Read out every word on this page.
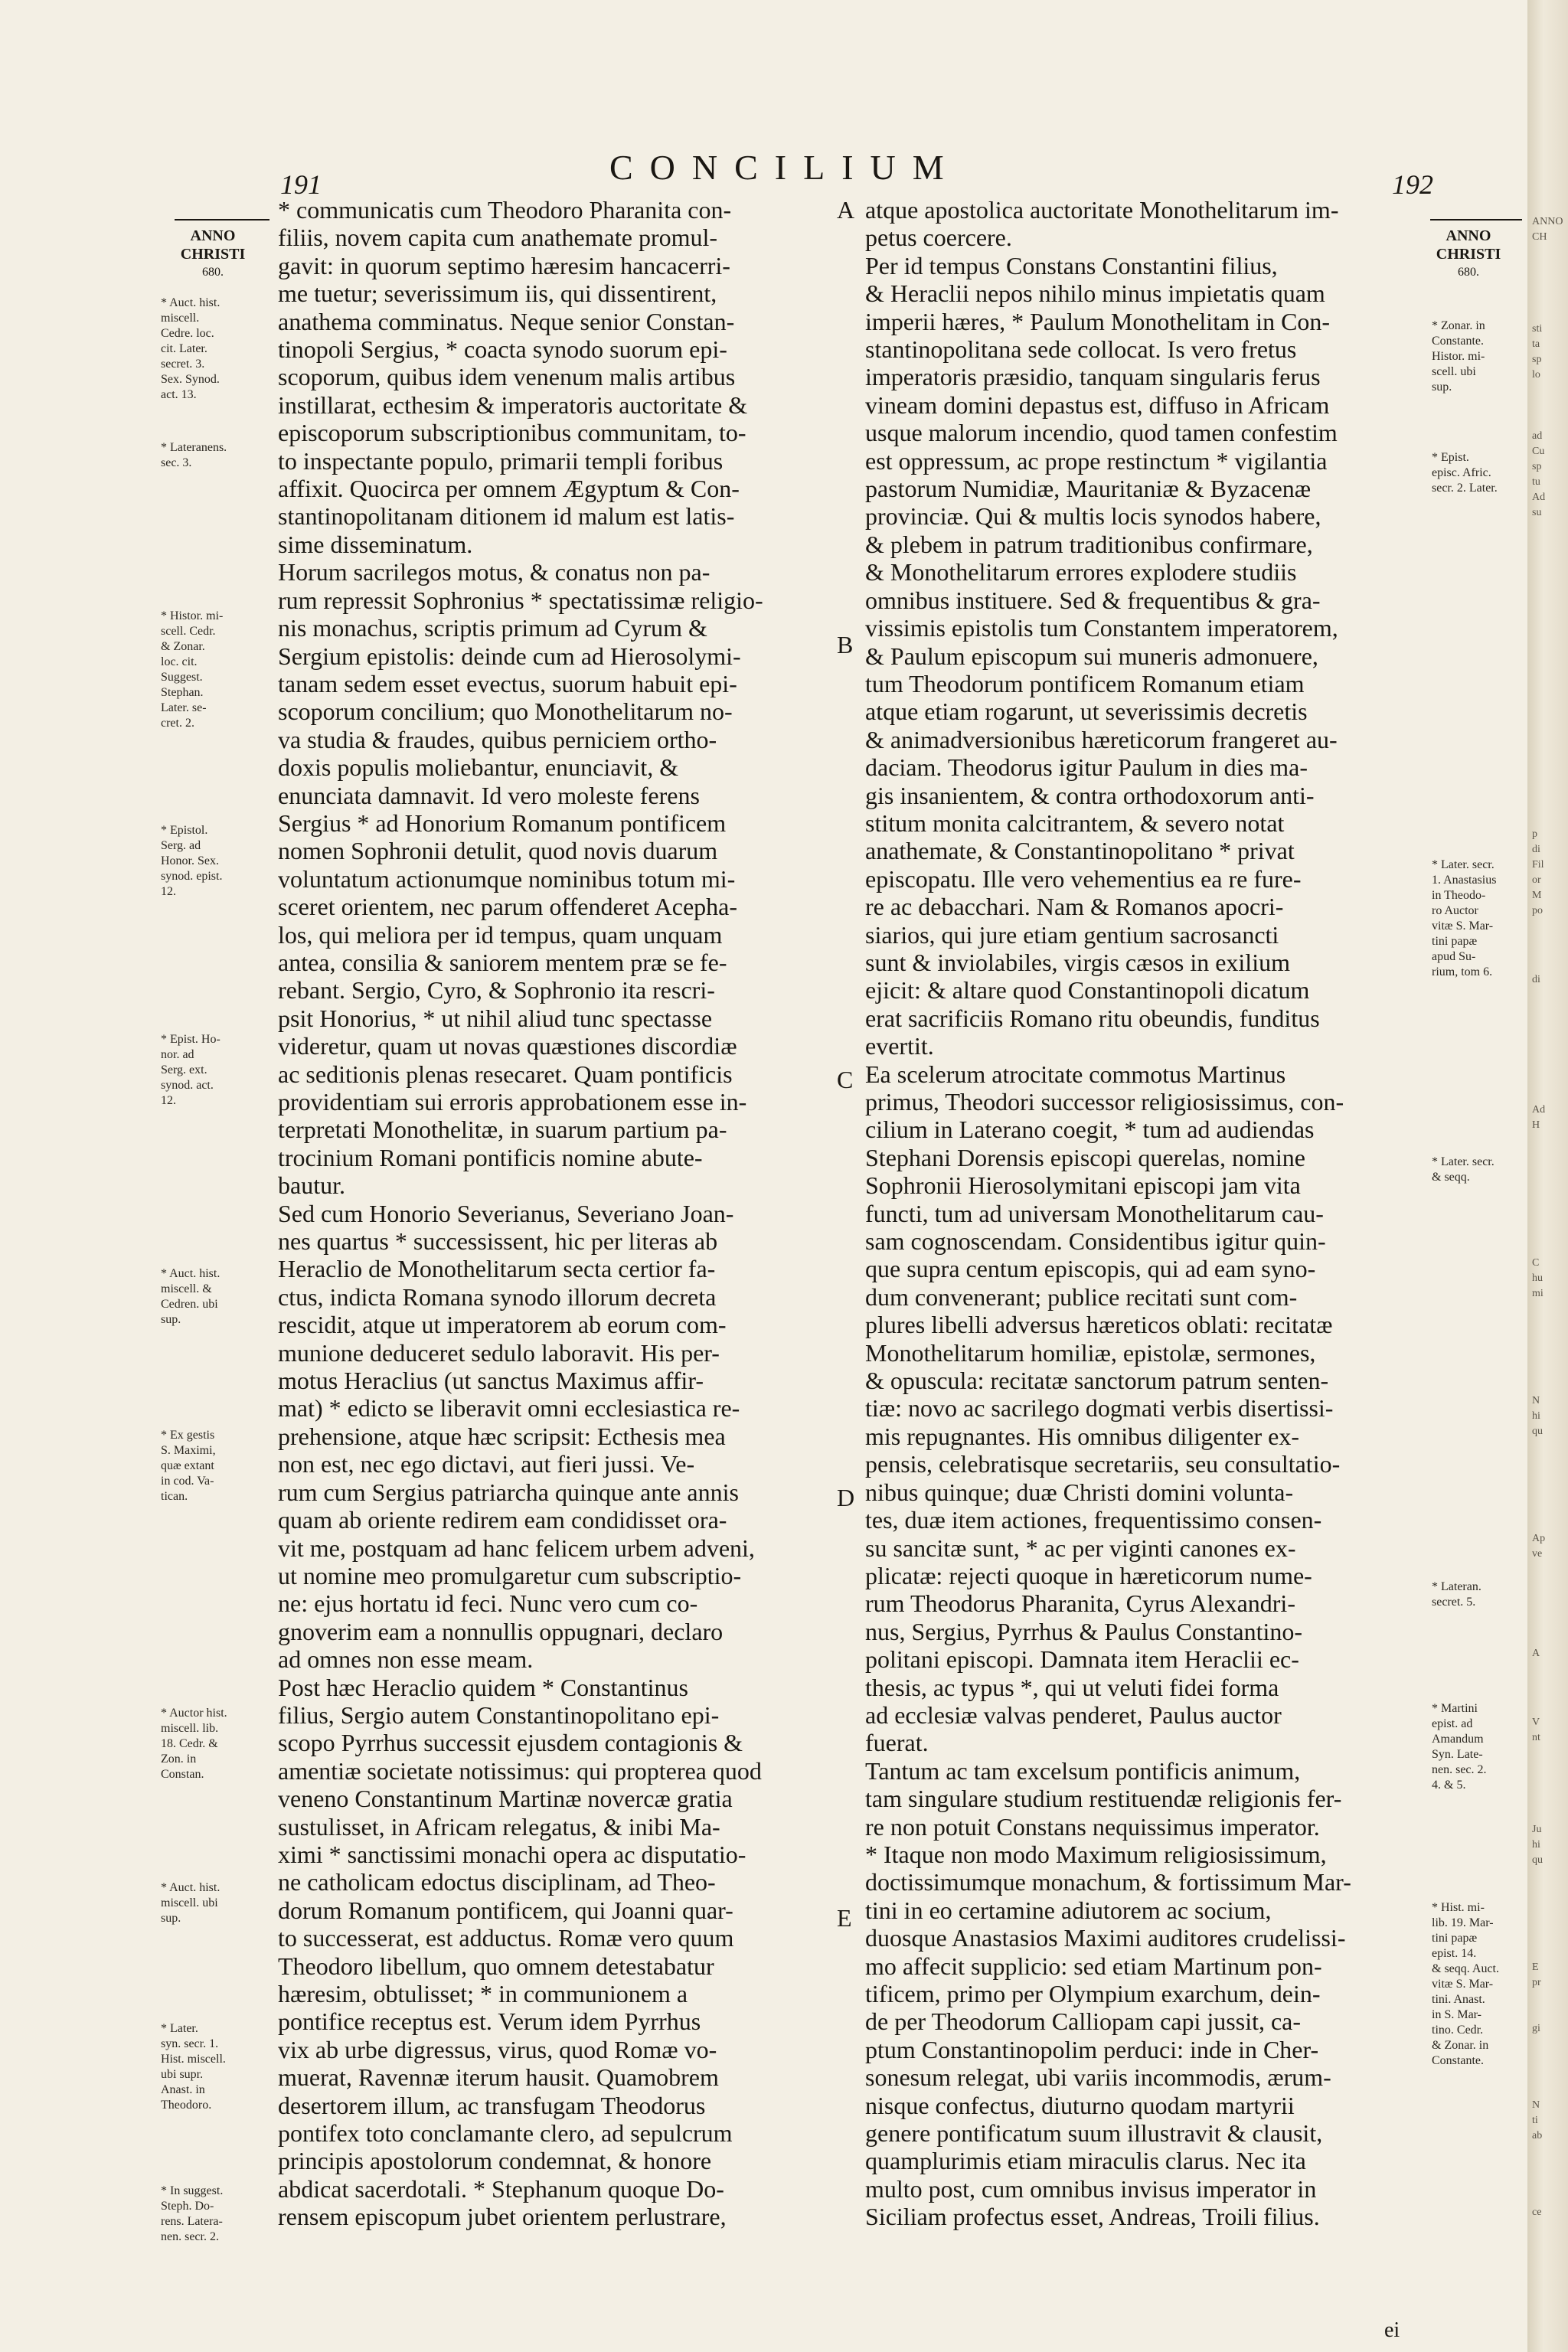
191	CONCILIUM	192
ANNO
CHRISTI
680.
ANNO
CHRISTI
680.
* communicatis cum Theodoro Pharanita con-
filiis, novem capita cum anathemate promul-
gavit: in quorum septimo hæresim hancacerri-
me tuetur; severissimum iis, qui dissentirent,
anathema comminatus. Neque senior Constan-
tinopoli Sergius, * coacta synodo suorum epi-
scoporum, quibus idem venenum malis artibus
instillarat, ecthesim & imperatoris auctoritate &
episcoporum subscriptionibus communitam, to-
to inspectante populo, primarii templi foribus
affixit. Quocirca per omnem Ægyptum & Con-
stantinopolitanam ditionem id malum est latis-
sime disseminatum.
Horum sacrilegos motus, & conatus non pa-
rum repressit Sophronius * spectatissimæ religio-
nis monachus, scriptis primum ad Cyrum &
Sergium epistolis: deinde cum ad Hierosolymi-
tanam sedem esset evectus, suorum habuit epi-
scoporum concilium; quo Monothelitarum no-
va studia & fraudes, quibus perniciem ortho-
doxis populis moliebantur, enunciavit, &
enunciata damnavit. Id vero moleste ferens
Sergius * ad Honorium Romanum pontificem
nomen Sophronii detulit, quod novis duarum
voluntatum actionumque nominibus totum mi-
sceret orientem, nec parum offenderet Acepha-
los, qui meliora per id tempus, quam unquam
antea, consilia & saniorem mentem præ se fe-
rebant. Sergio, Cyro, & Sophronio ita rescri-
psit Honorius, * ut nihil aliud tunc spectasse
videretur, quam ut novas quæstiones discordiæ
ac seditionis plenas resecaret. Quam pontificis
providentiam sui erroris approbationem esse in-
terpretati Monothelitæ, in suarum partium pa-
trocinium Romani pontificis nomine abute-
bautur.
Sed cum Honorio Severianus, Severiano Joan-
nes quartus * successissent, hic per literas ab
Heraclio de Monothelitarum secta certior fa-
ctus, indicta Romana synodo illorum decreta
rescidit, atque ut imperatorem ab eorum com-
munione deduceret sedulo laboravit. His per-
motus Heraclius (ut sanctus Maximus affir-
mat) * edicto se liberavit omni ecclesiastica re-
prehensione, atque hæc scripsit: Ecthesis mea
non est, nec ego dictavi, aut fieri jussi. Ve-
rum cum Sergius patriarcha quinque ante annis
quam ab oriente redirem eam condidisset ora-
vit me, postquam ad hanc felicem urbem adveni,
ut nomine meo promulgaretur cum subscriptio-
ne: ejus hortatu id feci. Nunc vero cum co-
gnoverim eam a nonnullis oppugnari, declaro
ad omnes non esse meam.
Post hæc Heraclio quidem * Constantinus
filius, Sergio autem Constantinopolitano epi-
scopo Pyrrhus successit ejusdem contagionis &
amentiæ societate notissimus: qui propterea quod
veneno Constantinum Martinæ novercæ gratia
sustulisset, in Africam relegatus, & inibi Ma-
ximi * sanctissimi monachi opera ac disputatio-
ne catholicam edoctus disciplinam, ad Theo-
dorum Romanum pontificem, qui Joanni quar-
to successerat, est adductus. Romæ vero quum
Theodoro libellum, quo omnem detestabatur
hæresim, obtulisset; * in communionem a
pontifice receptus est. Verum idem Pyrrhus
vix ab urbe digressus, virus, quod Romæ vo-
muerat, Ravennæ iterum hausit. Quamobrem
desertorem illum, ac transfugam Theodorus
pontifex toto conclamante clero, ad sepulcrum
principis apostolorum condemnat, & honore
abdicat sacerdotali. * Stephanum quoque Do-
rensem episcopum jubet orientem perlustrare,
atque apostolica auctoritate Monothelitarum im-
petus coercere.
Per id tempus Constans Constantini filius,
& Heraclii nepos nihilo minus impietatis quam
imperii hæres, * Paulum Monothelitam in Con-
stantinopolitana sede collocat. Is vero fretus
imperatoris præsidio, tanquam singularis ferus
vineam domini depastus est, diffuso in Africam
usque malorum incendio, quod tamen confestim
est oppressum, ac prope restinctum * vigilantia
pastorum Numidiæ, Mauritaniæ & Byzacenæ
provinciæ. Qui & multis locis synodos habere,
& plebem in patrum traditionibus confirmare,
& Monothelitarum errores explodere studiis
omnibus instituere. Sed & frequentibus & gra-
vissimis epistolis tum Constantem imperatorem,
& Paulum episcopum sui muneris admonuere,
tum Theodorum pontificem Romanum etiam
atque etiam rogarunt, ut severissimis decretis
& animadversionibus hæreticorum frangeret au-
daciam. Theodorus igitur Paulum in dies ma-
gis insanientem, & contra orthodoxorum anti-
stitum monita calcitrantem, & severo notat
anathemate, & Constantinopolitano * privat
episcopatu. Ille vero vehementius ea re fure-
re ac debacchari. Nam & Romanos apocri-
siarios, qui jure etiam gentium sacrosancti
sunt & inviolabiles, virgis cæsos in exilium
ejicit: & altare quod Constantinopoli dicatum
erat sacrificiis Romano ritu obeundis, funditus
evertit.
Ea scelerum atrocitate commotus Martinus
primus, Theodori successor religiosissimus, con-
cilium in Laterano coegit, * tum ad audiendas
Stephani Dorensis episcopi querelas, nomine
Sophronii Hierosolymitani episcopi jam vita
functi, tum ad universam Monothelitarum cau-
sam cognoscendam. Considentibus igitur quin-
que supra centum episcopis, qui ad eam syno-
dum convenerant; publice recitati sunt com-
plures libelli adversus hæreticos oblati: recitatæ
Monothelitarum homiliæ, epistolæ, sermones,
& opuscula: recitatæ sanctorum patrum senten-
tiæ: novo ac sacrilego dogmati verbis disertissi-
mis repugnantes. His omnibus diligenter ex-
pensis, celebratisque secretariis, seu consultatio-
nibus quinque; duæ Christi domini volunta-
tes, duæ item actiones, frequentissimo consen-
su sancitæ sunt, * ac per viginti canones ex-
plicatæ: rejecti quoque in hæreticorum nume-
rum Theodorus Pharanita, Cyrus Alexandri-
nus, Sergius, Pyrrhus & Paulus Constantino-
politani episcopi. Damnata item Heraclii ec-
thesis, ac typus *, qui ut veluti fidei forma
ad ecclesiæ valvas penderet, Paulus auctor
fuerat.
Tantum ac tam excelsum pontificis animum,
tam singulare studium restituendæ religionis fer-
re non potuit Constans nequissimus imperator.
* Itaque non modo Maximum religiosissimum,
doctissimumque monachum, & fortissimum Mar-
tini in eo certamine adiutorem ac socium,
duosque Anastasios Maximi auditores crudelissi-
mo affecit supplicio: sed etiam Martinum pon-
tificem, primo per Olympium exarchum, dein-
de per Theodorum Calliopam capi jussit, ca-
ptum Constantinopolim perduci: inde in Cher-
sonesum relegat, ubi variis incommodis, ærum-
nisque confectus, diuturno quodam martyrii
genere pontificatum suum illustravit & clausit,
quamplurimis etiam miraculis clarus. Nec ita
multo post, cum omnibus invisus imperator in
Siciliam profectus esset, Andreas, Troili filius.
A
B
C
D
E
* Auct. hist.
miscell.
Cedre. loc.
cit. Later.
secret. 3.
Sex. Synod.
act. 13.
* Lateranens.
sec. 3.
* Histor. mi-
scell. Cedr.
& Zonar.
loc. cit.
Suggest.
Stephan.
Later. se-
cret. 2.
* Epistol.
Serg. ad
Honor. Sex.
synod. epist.
12.
* Epist. Ho-
nor. ad
Serg. ext.
synod. act.
12.
* Auct. hist.
miscell. &
Cedren. ubi
sup.
* Ex gestis
S. Maximi,
quæ extant
in cod. Va-
tican.
* Auctor hist.
miscell. lib.
18. Cedr. &
Zon. in
Constan.
* Auct. hist.
miscell. ubi
sup.
* Later.
syn. secr. 1.
Hist. miscell.
ubi supr.
Anast. in
Theodoro.
* In suggest.
Steph. Do-
rens. Latera-
nen. secr. 2.
* Zonar. in
Constante.
Histor. mi-
scell. ubi
sup.
* Epist.
episc. Afric.
secr. 2. Later.
* Later. secr.
1. Anastasius
in Theodo-
ro Auctor
vitæ S. Mar-
tini papæ
apud Su-
rium, tom 6.
* Later. secr.
& seqq.
* Lateran.
secret. 5.
* Martini
epist. ad
Amandum
Syn. Late-
nen. sec. 2.
4. & 5.
* Hist. mi-
lib. 19. Mar-
tini papæ
epist. 14.
& seqq. Auct.
vitæ S. Mar-
tini. Anast.
in S. Mar-
tino. Cedr.
& Zonar. in
Constante.
ei
ANNO
CH
sti
ta
sp
lo
ad
Cu
sp
tu
Ad
su
p
di
Fil
or
M
po
di
Ad
H
C
hu
mi
N
hi
qu
Ap
ve
A
V
nt
Ju
hi
qu
E
pr
gi
N
ti
ab
ce
